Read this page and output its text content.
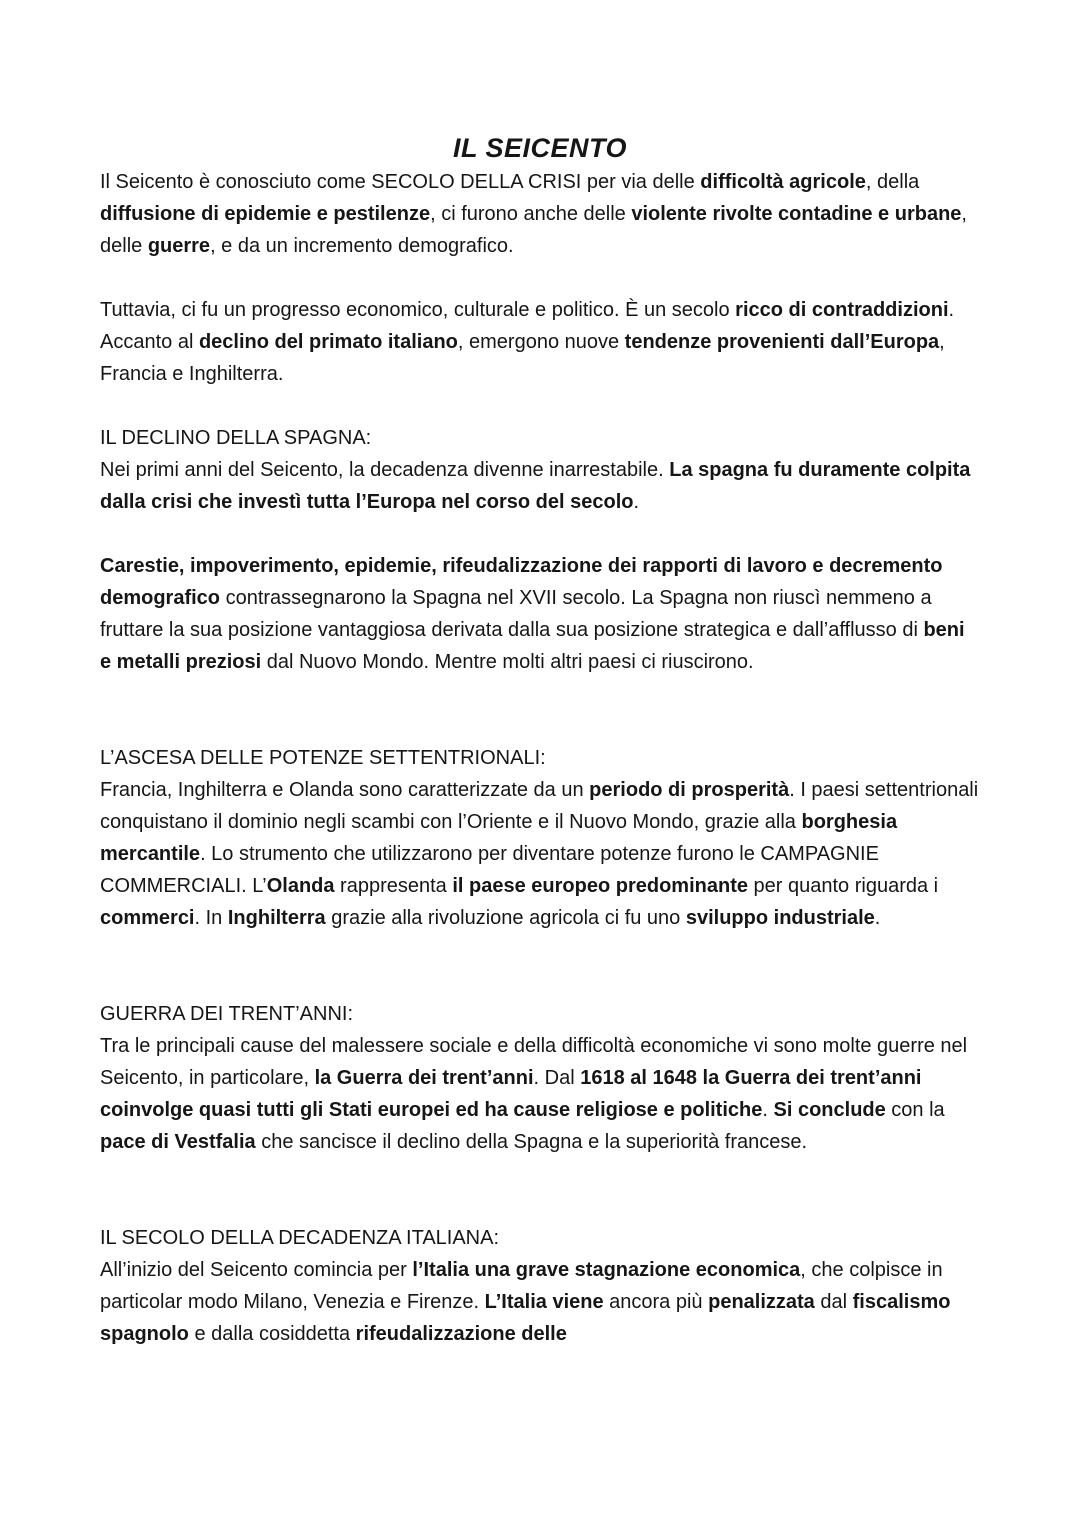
IL SEICENTO

Il Seicento è conosciuto come SECOLO DELLA CRISI per via delle difficoltà agricole, della diffusione di epidemie e pestilenze, ci furono anche delle violente rivolte contadine e urbane, delle guerre, e da un incremento demografico.

Tuttavia, ci fu un progresso economico, culturale e politico. È un secolo ricco di contraddizioni. Accanto al declino del primato italiano, emergono nuove tendenze provenienti dall’Europa, Francia e Inghilterra.

IL DECLINO DELLA SPAGNA:

Nei primi anni del Seicento, la decadenza divenne inarrestabile. La spagna fu duramente colpita dalla crisi che investì tutta l’Europa nel corso del secolo.

Carestie, impoverimento, epidemie, rifeudalizzazione dei rapporti di lavoro e decremento demografico contrassegnarono la Spagna nel XVII secolo. La Spagna non riuscì nemmeno a fruttare la sua posizione vantaggiosa derivata dalla sua posizione strategica e dall’afflusso di beni e metalli preziosi dal Nuovo Mondo. Mentre molti altri paesi ci riuscirono.

L’ASCESA DELLE POTENZE SETTENTRIONALI:

Francia, Inghilterra e Olanda sono caratterizzate da un periodo di prosperità. I paesi settentrionali conquistano il dominio negli scambi con l’Oriente e il Nuovo Mondo, grazie alla borghesia mercantile. Lo strumento che utilizzarono per diventare potenze furono le CAMPAGNIE COMMERCIALI. L’Olanda rappresenta il paese europeo predominante per quanto riguarda i commerci. In Inghilterra grazie alla rivoluzione agricola ci fu uno sviluppo industriale.

GUERRA DEI TRENT’ANNI:

Tra le principali cause del malessere sociale e della difficoltà economiche vi sono molte guerre nel Seicento, in particolare, la Guerra dei trent’anni. Dal 1618 al 1648 la Guerra dei trent’anni coinvolge quasi tutti gli Stati europei ed ha cause religiose e politiche. Si conclude con la pace di Vestfalia che sancisce il declino della Spagna e la superiorità francese.

IL SECOLO DELLA DECADENZA ITALIANA:

All’inizio del Seicento comincia per l’Italia una grave stagnazione economica, che colpisce in particolar modo Milano, Venezia e Firenze. L’Italia viene ancora più penalizzata dal fiscalismo spagnolo e dalla cosiddetta rifeudalizzazione delle
